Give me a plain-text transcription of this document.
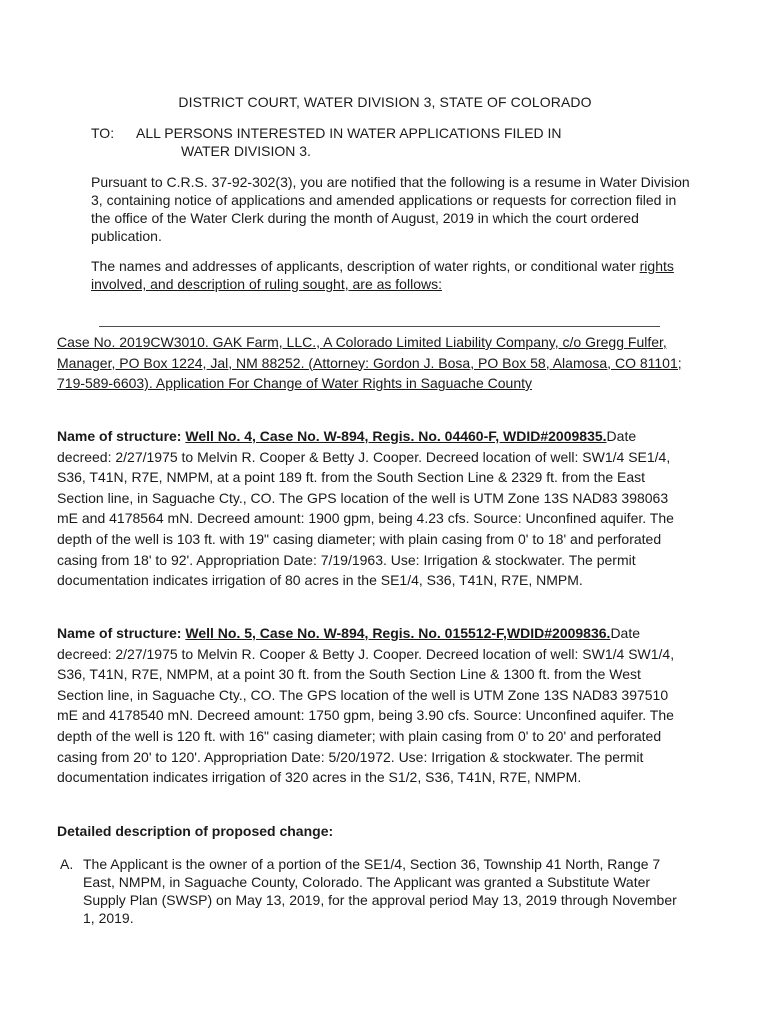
DISTRICT COURT, WATER DIVISION 3, STATE OF COLORADO
TO: ALL PERSONS INTERESTED IN WATER APPLICATIONS FILED IN
WATER DIVISION 3.
Pursuant to C.R.S. 37-92-302(3), you are notified that the following is a resume in Water Division 3, containing notice of applications and amended applications or requests for correction filed in the office of the Water Clerk during the month of August, 2019 in which the court ordered publication.
The names and addresses of applicants, description of water rights, or conditional water rights involved, and description of ruling sought, are as follows:
Case No. 2019CW3010. GAK Farm, LLC., A Colorado Limited Liability Company, c/o Gregg Fulfer, Manager, PO Box 1224, Jal, NM 88252. (Attorney: Gordon J. Bosa, PO Box 58, Alamosa, CO 81101; 719-589-6603). Application For Change of Water Rights in Saguache County
Name of structure: Well No. 4, Case No. W-894, Regis. No. 04460-F, WDID#2009835.Date decreed: 2/27/1975 to Melvin R. Cooper & Betty J. Cooper. Decreed location of well: SW1/4 SE1/4, S36, T41N, R7E, NMPM, at a point 189 ft. from the South Section Line & 2329 ft. from the East Section line, in Saguache Cty., CO. The GPS location of the well is UTM Zone 13S NAD83 398063 mE and 4178564 mN. Decreed amount: 1900 gpm, being 4.23 cfs. Source: Unconfined aquifer. The depth of the well is 103 ft. with 19" casing diameter; with plain casing from 0' to 18' and perforated casing from 18' to 92'. Appropriation Date: 7/19/1963. Use: Irrigation & stockwater. The permit documentation indicates irrigation of 80 acres in the SE1/4, S36, T41N, R7E, NMPM.
Name of structure: Well No. 5, Case No. W-894, Regis. No. 015512-F,WDID#2009836.Date decreed: 2/27/1975 to Melvin R. Cooper & Betty J. Cooper. Decreed location of well: SW1/4 SW1/4, S36, T41N, R7E, NMPM, at a point 30 ft. from the South Section Line & 1300 ft. from the West Section line, in Saguache Cty., CO. The GPS location of the well is UTM Zone 13S NAD83 397510 mE and 4178540 mN. Decreed amount: 1750 gpm, being 3.90 cfs. Source: Unconfined aquifer. The depth of the well is 120 ft. with 16" casing diameter; with plain casing from 0' to 20' and perforated casing from 20' to 120'. Appropriation Date: 5/20/1972. Use: Irrigation & stockwater. The permit documentation indicates irrigation of 320 acres in the S1/2, S36, T41N, R7E, NMPM.
Detailed description of proposed change:
A. The Applicant is the owner of a portion of the SE1/4, Section 36, Township 41 North, Range 7 East, NMPM, in Saguache County, Colorado. The Applicant was granted a Substitute Water Supply Plan (SWSP) on May 13, 2019, for the approval period May 13, 2019 through November 1, 2019.
